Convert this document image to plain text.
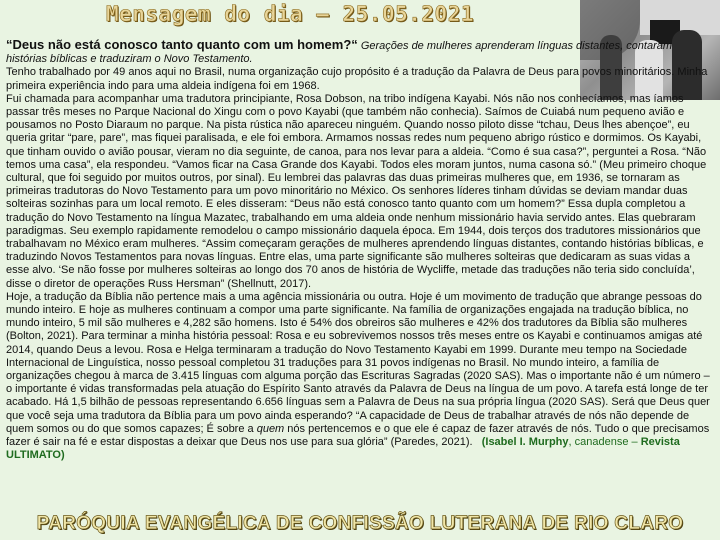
Mensagem do dia – 25.05.2021

“Deus não está conosco tanto quanto com um homem?“ Gerações de mulheres aprenderam línguas distantes, contaram histórias bíblicas e traduziram o Novo Testamento.

Tenho trabalhado por 49 anos aqui no Brasil, numa organização cujo propósito é a tradução da Palavra de Deus para povos minoritários. Minha primeira experiência indo para uma aldeia indígena foi em 1968.

Fui chamada para acompanhar uma tradutora principiante, Rosa Dobson, na tribo indígena Kayabi. Nós não nos conhecíamos, mas íamos passar três meses no Parque Nacional do Xingu com o povo Kayabi (que também não conhecia). Saímos de Cuiabá num pequeno avião e pousamos no Posto Diaraum no parque. Na pista rústica não apareceu ninguém. Quando nosso piloto disse “tchau, Deus lhes abençoe”, eu queria gritar “pare, pare”, mas fiquei paralisada, e ele foi embora. Armamos nossas redes num pequeno abrigo rústico e dormimos. Os Kayabi, que tinham ouvido o avião pousar, vieram no dia seguinte, de canoa, para nos levar para a aldeia. “Como é sua casa?”, perguntei a Rosa. “Não temos uma casa”, ela respondeu. “Vamos ficar na Casa Grande dos Kayabi. Todos eles moram juntos, numa casona só.” (Meu primeiro choque cultural, que foi seguido por muitos outros, por sinal). Eu lembrei das palavras das duas primeiras mulheres que, em 1936, se tornaram as primeiras tradutoras do Novo Testamento para um povo minoritário no México. Os senhores líderes tinham dúvidas se deviam mandar duas solteiras sozinhas para um local remoto. E eles disseram: “Deus não está conosco tanto quanto com um homem?” Essa dupla completou a tradução do Novo Testamento na língua Mazatec, trabalhando em uma aldeia onde nenhum missionário havia servido antes. Elas quebraram paradigmas. Seu exemplo rapidamente remodelou o campo missionário daquela época. Em 1944, dois terços dos tradutores missionários que trabalhavam no México eram mulheres. “Assim começaram gerações de mulheres aprendendo línguas distantes, contando histórias bíblicas, e traduzindo Novos Testamentos para novas línguas. Entre elas, uma parte significante são mulheres solteiras que dedicaram as suas vidas a esse alvo. ‘Se não fosse por mulheres solteiras ao longo dos 70 anos de história de Wycliffe, metade das traduções não teria sido concluída’, disse o diretor de operações Russ Hersman” (Shellnutt, 2017).

Hoje, a tradução da Bíblia não pertence mais a uma agência missionária ou outra. Hoje é um movimento de tradução que abrange pessoas do mundo inteiro. E hoje as mulheres continuam a compor uma parte significante. Na família de organizações engajada na tradução bíblica, no mundo inteiro, 5 mil são mulheres e 4,282 são homens. Isto é 54% dos obreiros são mulheres e 42% dos tradutores da Bíblia são mulheres (Bolton, 2021). Para terminar a minha história pessoal: Rosa e eu sobrevivemos nossos três meses entre os Kayabi e continuamos amigas até 2014, quando Deus a levou. Rosa e Helga terminaram a tradução do Novo Testamento Kayabi em 1999. Durante meu tempo na Sociedade Internacional de Linguística, nosso pessoal completou 31 traduções para 31 povos indígenas no Brasil. No mundo inteiro, a família de organizações chegou à marca de 3.415 línguas com alguma porção das Escrituras Sagradas (2020 SAS). Mas o importante não é um número – o importante é vidas transformadas pela atuação do Espírito Santo através da Palavra de Deus na língua de um povo. A tarefa está longe de ter acabado. Há 1,5 bilhão de pessoas representando 6.656 línguas sem a Palavra de Deus na sua própria língua (2020 SAS). Será que Deus quer que você seja uma tradutora da Bíblia para um povo ainda esperando? “A capacidade de Deus de trabalhar através de nós não depende de quem somos ou do que somos capazes; É sobre a quem nós pertencemos e o que ele é capaz de fazer através de nós. Tudo o que precisamos fazer é sair na fé e estar dispostas a deixar que Deus nos use para sua glória” (Paredes, 2021). (Isabel I. Murphy, canadense – Revista ULTIMATO)

PARÓQUIA EVANGÉLICA DE CONFISSÃO LUTERANA DE RIO CLARO
